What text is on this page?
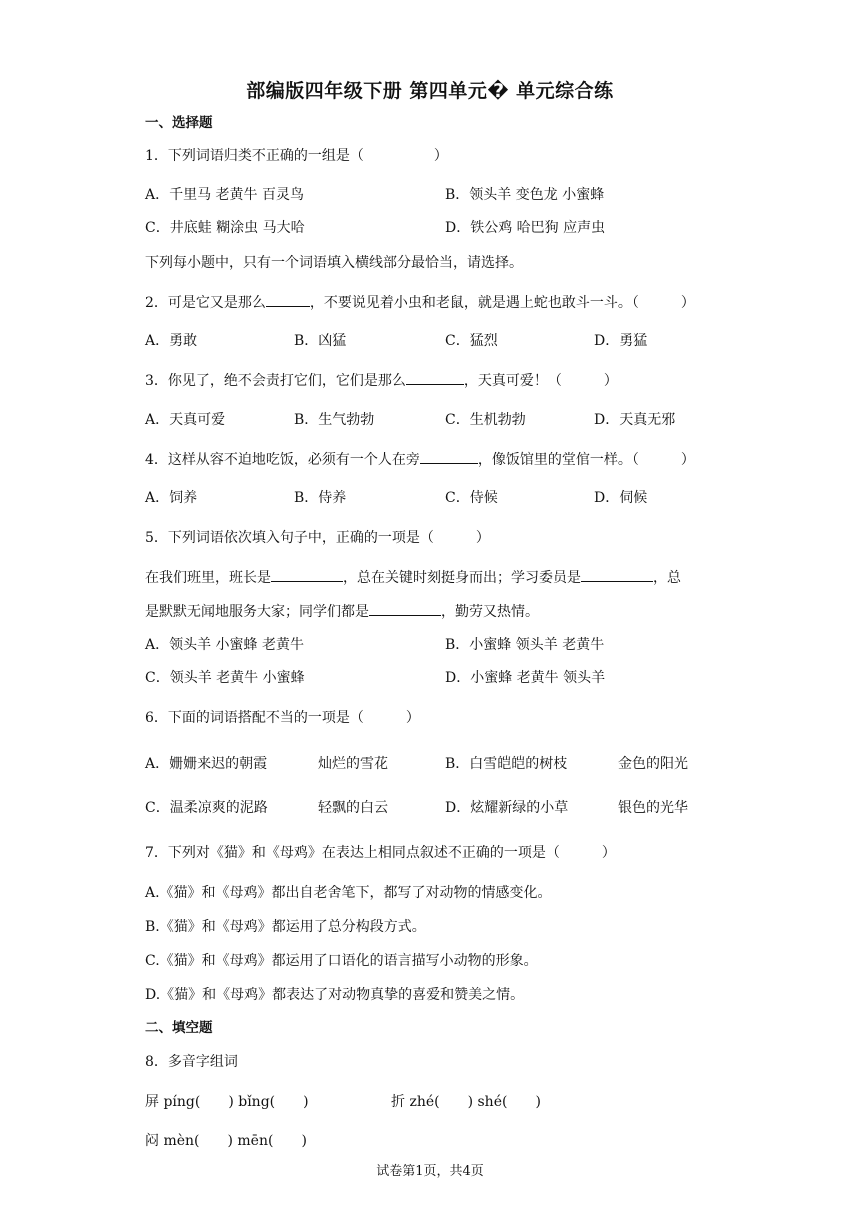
部编版四年级下册 第四单元� 单元综合练
一、选择题
1．下列词语归类不正确的一组是（　　　　　）
A．千里马 老黄牛 百灵鸟	B．领头羊 变色龙 小蜜蜂
C．井底蛙 糊涂虫 马大哈	D．铁公鸡 哈巴狗 应声虫
下列每小题中，只有一个词语填入横线部分最恰当，请选择。
2．可是它又是那么	，不要说见着小虫和老鼠，就是遇上蛇也敢斗一斗。（　　　）
A．勇敢	B．凶猛	C．猛烈	D．勇猛
3．你见了，绝不会责打它们，它们是那么	，天真可爱！（　　　）
A．天真可爱	B．生气勃勃	C．生机勃勃	D．天真无邪
4．这样从容不迫地吃饭，必须有一个人在旁	，像饭馆里的堂倌一样。（　　　）
A．饲养	B．侍养	C．侍候	D．伺候
5．下列词语依次填入句子中，正确的一项是（　　　）
在我们班里，班长是	，总在关键时刻挺身而出；学习委员是	，总
是默默无闻地服务大家；同学们都是	，勤劳又热情。
A．领头羊 小蜜蜂 老黄牛	B．小蜜蜂 领头羊 老黄牛
C．领头羊 老黄牛 小蜜蜂	D．小蜜蜂 老黄牛 领头羊
6．下面的词语搭配不当的一项是（　　　）
A．姗姗来迟的朝霞	灿烂的雪花	B．白雪皑皑的树枝	金色的阳光
C．温柔凉爽的泥路	轻飘的白云	D．炫耀新绿的小草	银色的光华
7．下列对《猫》和《母鸡》在表达上相同点叙述不正确的一项是（　　　）
A.《猫》和《母鸡》都出自老舍笔下，都写了对动物的情感变化。
B.《猫》和《母鸡》都运用了总分构段方式。
C.《猫》和《母鸡》都运用了口语化的语言描写小动物的形象。
D.《猫》和《母鸡》都表达了对动物真挚的喜爱和赞美之情。
二、填空题
8．多音字组词
屏 píng(　　) bǐng(　　)	折 zhé(　　) shé(　　)
闷 mèn(　　) mēn(　　)
试卷第1页，共4页
